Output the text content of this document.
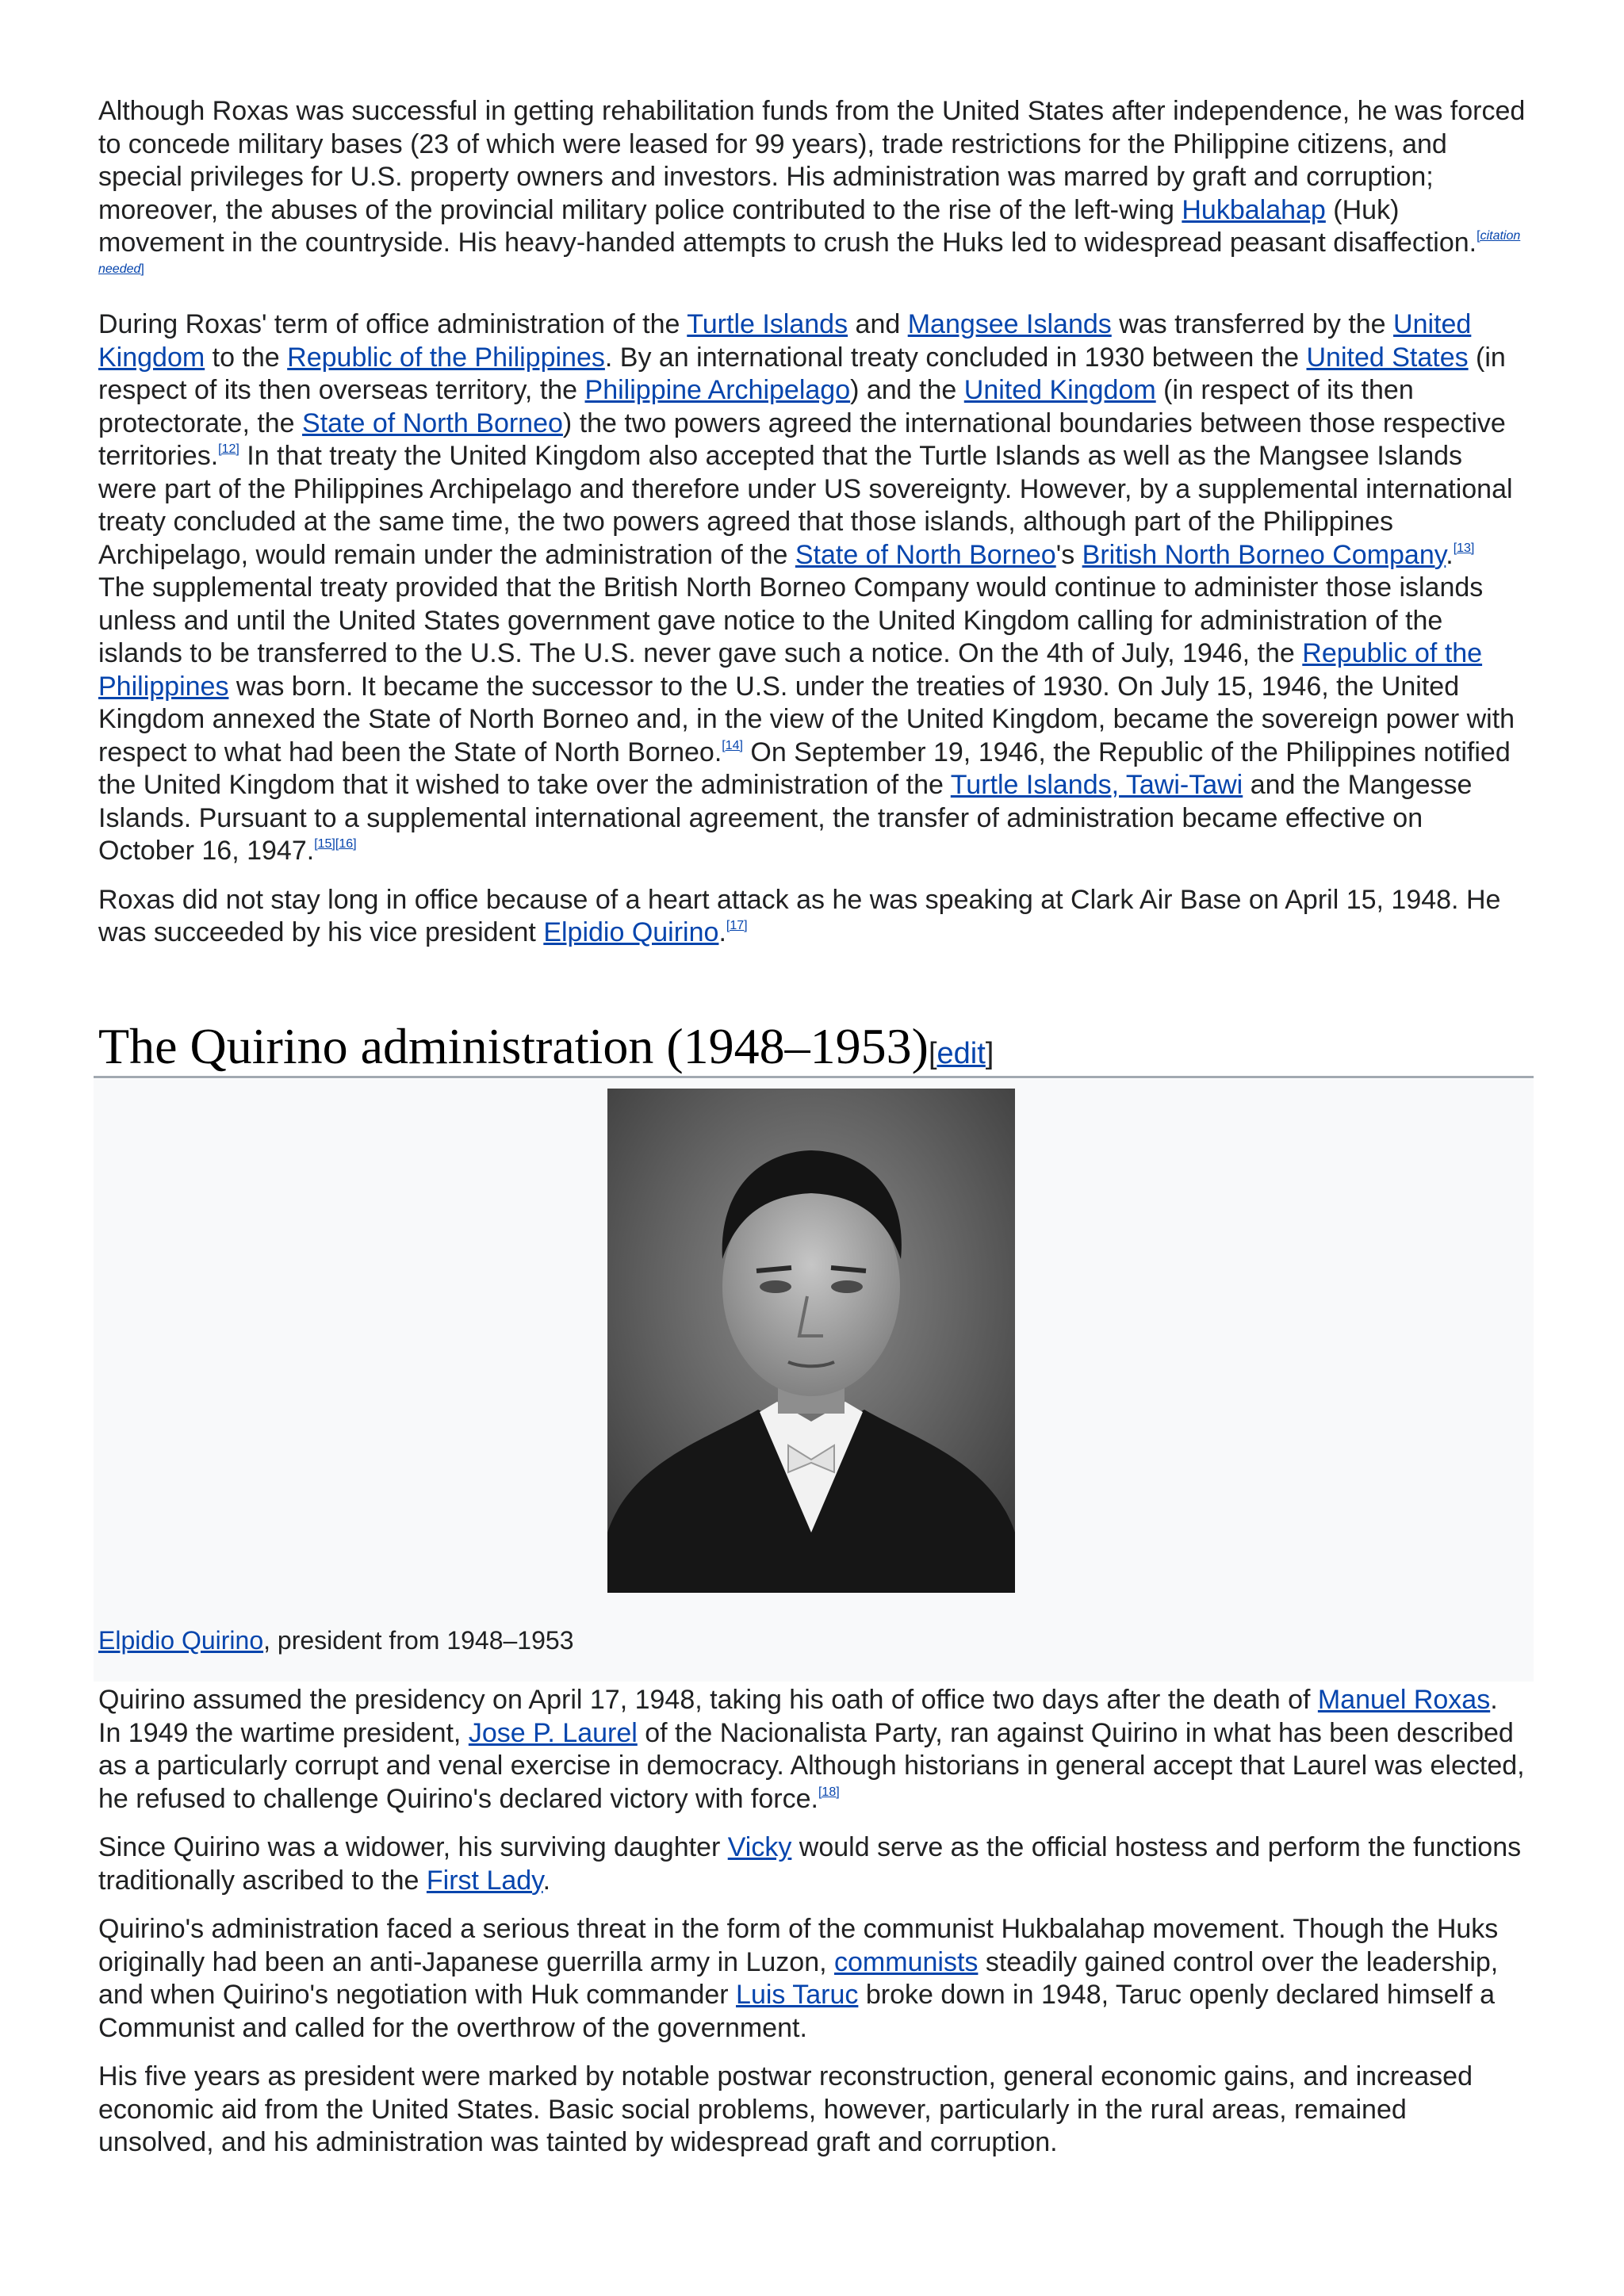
Although Roxas was successful in getting rehabilitation funds from the United States after independence, he was forced to concede military bases (23 of which were leased for 99 years), trade restrictions for the Philippine citizens, and special privileges for U.S. property owners and investors. His administration was marred by graft and corruption; moreover, the abuses of the provincial military police contributed to the rise of the left-wing Hukbalahap (Huk) movement in the countryside. His heavy-handed attempts to crush the Huks led to widespread peasant disaffection.[citation needed]

During Roxas' term of office administration of the Turtle Islands and Mangsee Islands was transferred by the United Kingdom to the Republic of the Philippines. By an international treaty concluded in 1930 between the United States (in respect of its then overseas territory, the Philippine Archipelago) and the United Kingdom (in respect of its then protectorate, the State of North Borneo) the two powers agreed the international boundaries between those respective territories.[12] In that treaty the United Kingdom also accepted that the Turtle Islands as well as the Mangsee Islands were part of the Philippines Archipelago and therefore under US sovereignty. However, by a supplemental international treaty concluded at the same time, the two powers agreed that those islands, although part of the Philippines Archipelago, would remain under the administration of the State of North Borneo's British North Borneo Company.[13] The supplemental treaty provided that the British North Borneo Company would continue to administer those islands unless and until the United States government gave notice to the United Kingdom calling for administration of the islands to be transferred to the U.S. The U.S. never gave such a notice. On the 4th of July, 1946, the Republic of the Philippines was born. It became the successor to the U.S. under the treaties of 1930. On July 15, 1946, the United Kingdom annexed the State of North Borneo and, in the view of the United Kingdom, became the sovereign power with respect to what had been the State of North Borneo.[14] On September 19, 1946, the Republic of the Philippines notified the United Kingdom that it wished to take over the administration of the Turtle Islands, Tawi-Tawi and the Mangesse Islands. Pursuant to a supplemental international agreement, the transfer of administration became effective on October 16, 1947.[15][16]

Roxas did not stay long in office because of a heart attack as he was speaking at Clark Air Base on April 15, 1948. He was succeeded by his vice president Elpidio Quirino.[17]

The Quirino administration (1948–1953)[edit]
Elpidio Quirino, president from 1948–1953

Quirino assumed the presidency on April 17, 1948, taking his oath of office two days after the death of Manuel Roxas. In 1949 the wartime president, Jose P. Laurel of the Nacionalista Party, ran against Quirino in what has been described as a particularly corrupt and venal exercise in democracy. Although historians in general accept that Laurel was elected, he refused to challenge Quirino's declared victory with force.[18]

Since Quirino was a widower, his surviving daughter Vicky would serve as the official hostess and perform the functions traditionally ascribed to the First Lady.

Quirino's administration faced a serious threat in the form of the communist Hukbalahap movement. Though the Huks originally had been an anti-Japanese guerrilla army in Luzon, communists steadily gained control over the leadership, and when Quirino's negotiation with Huk commander Luis Taruc broke down in 1948, Taruc openly declared himself a Communist and called for the overthrow of the government.

His five years as president were marked by notable postwar reconstruction, general economic gains, and increased economic aid from the United States. Basic social problems, however, particularly in the rural areas, remained unsolved, and his administration was tainted by widespread graft and corruption.
